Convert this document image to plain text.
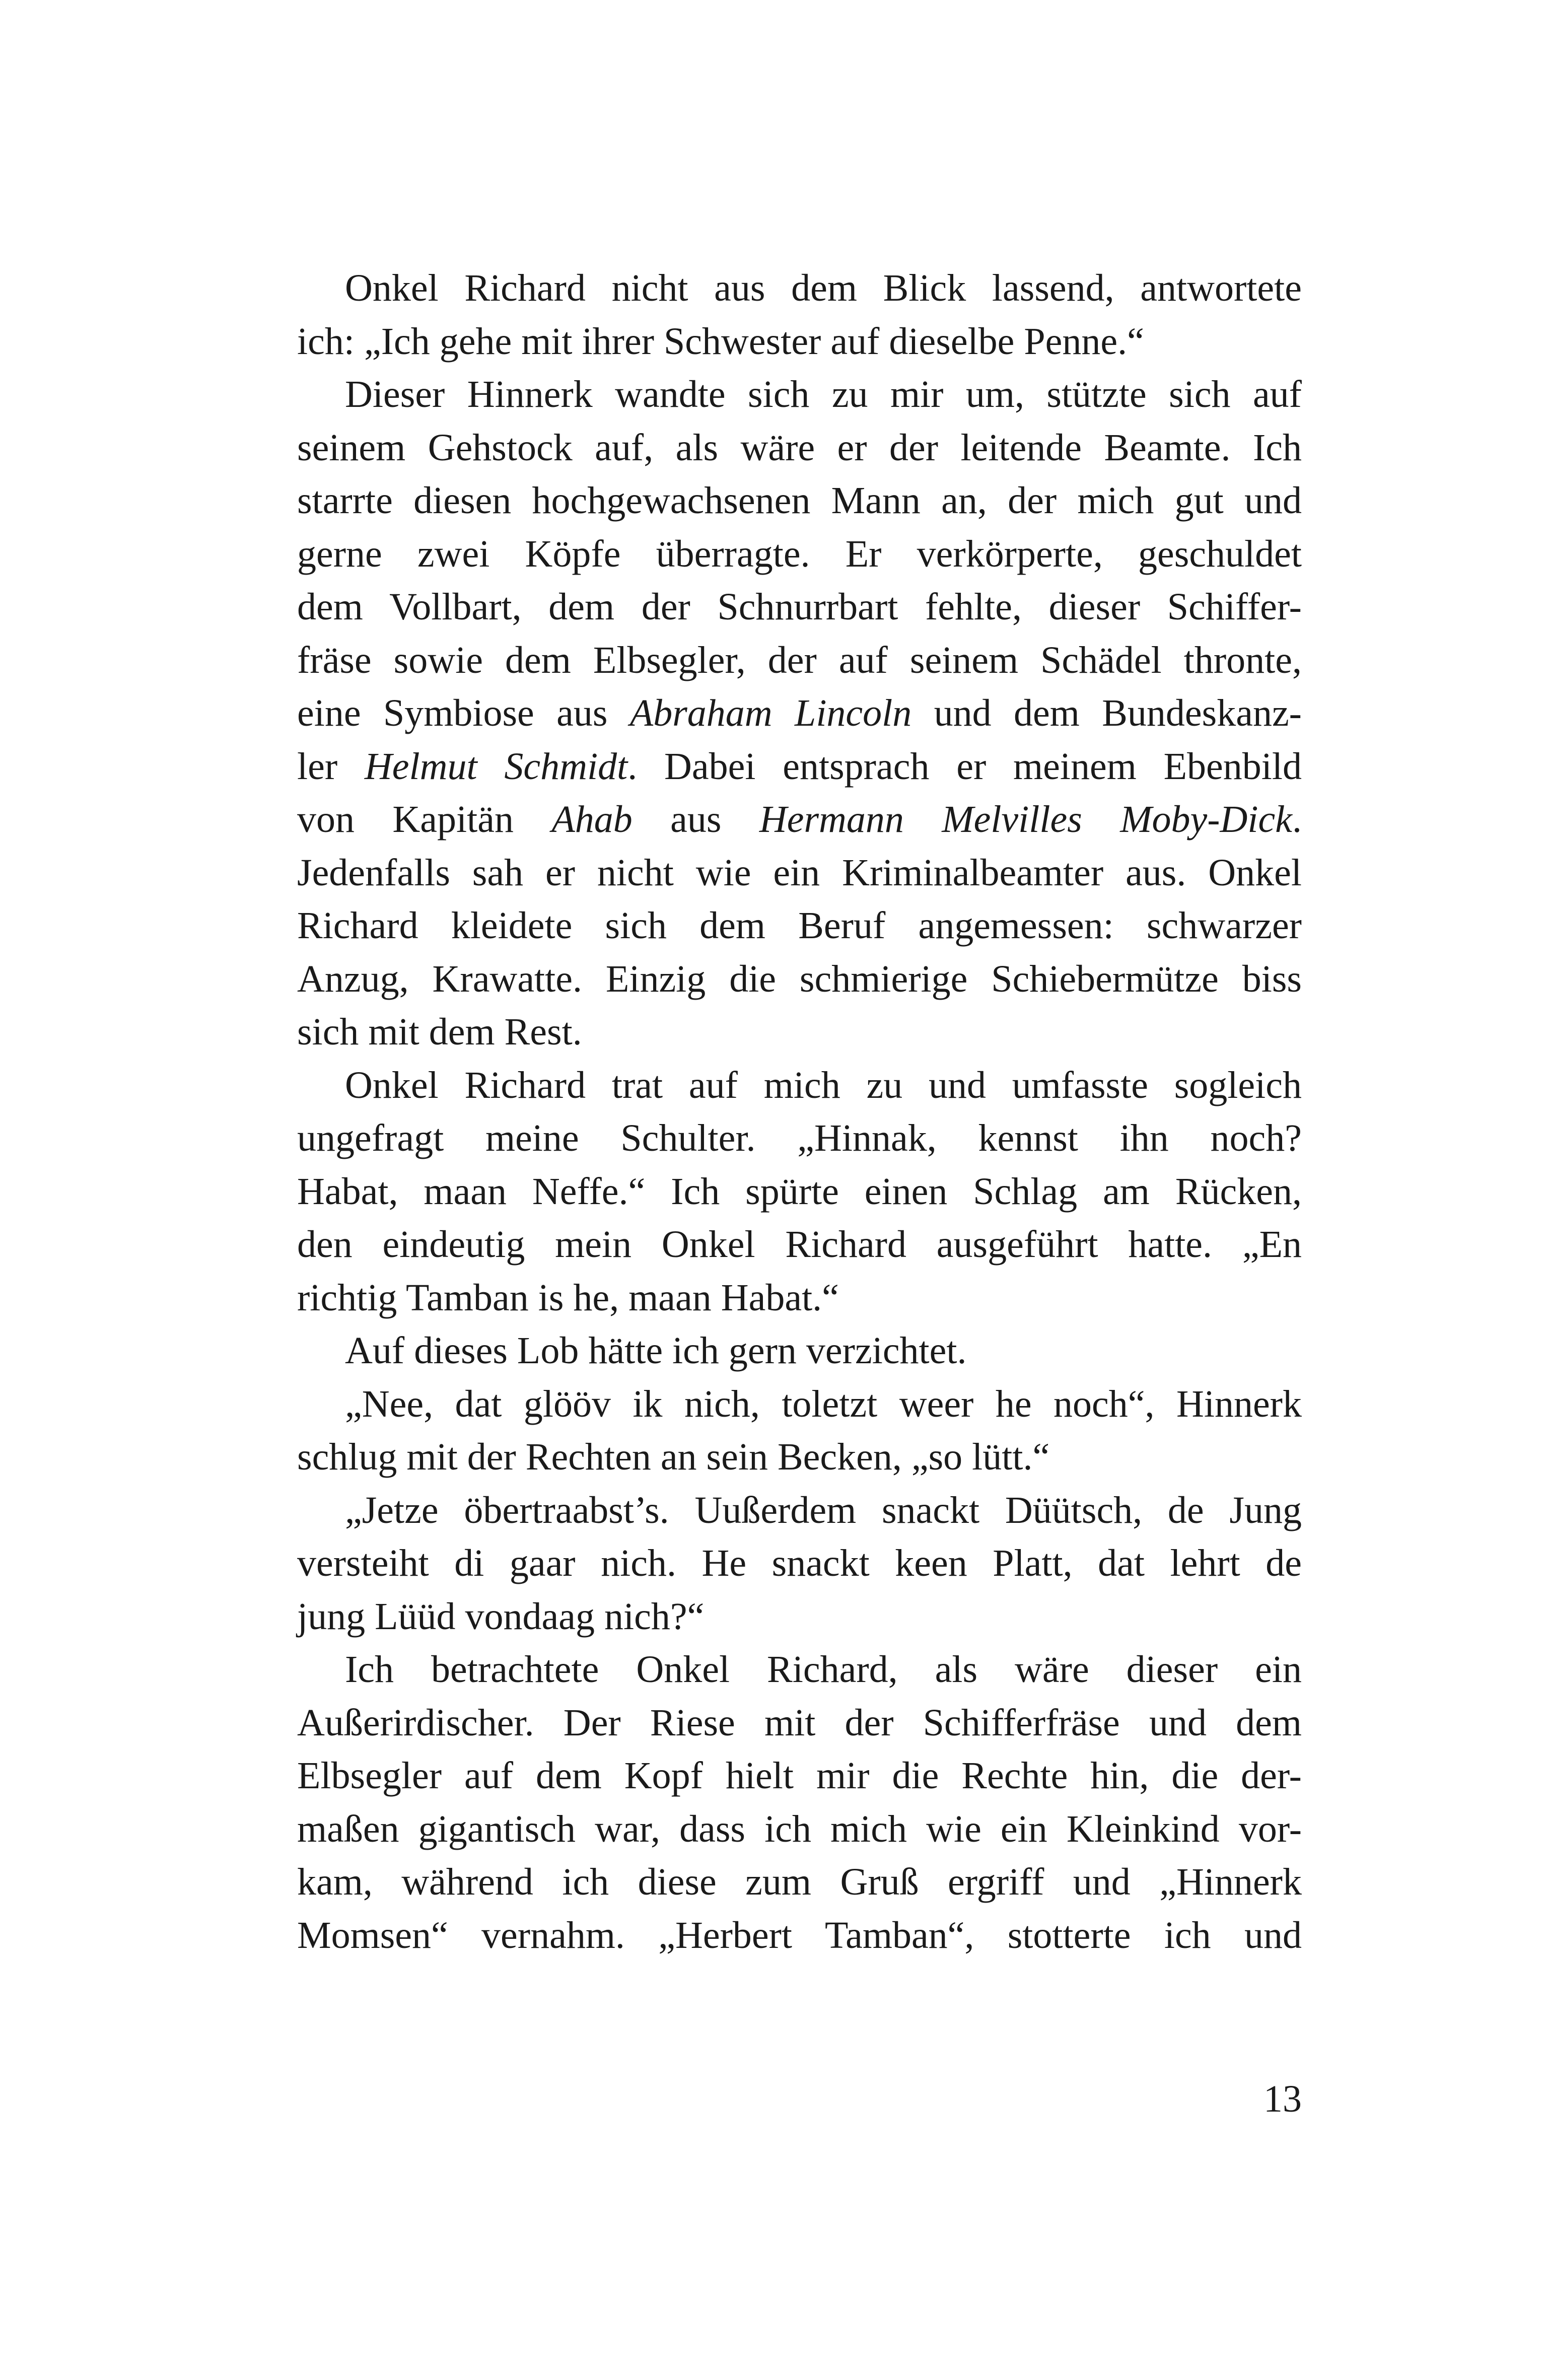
Onkel Richard nicht aus dem Blick lassend, antwortete
ich: „Ich gehe mit ihrer Schwester auf dieselbe Penne.“
Dieser Hinnerk wandte sich zu mir um, stützte sich auf
seinem Gehstock auf, als wäre er der leitende Beamte. Ich
starrte diesen hochgewachsenen Mann an, der mich gut und
gerne zwei Köpfe überragte. Er verkörperte, geschuldet
dem Vollbart, dem der Schnurrbart fehlte, dieser Schiffer-
fräse sowie dem Elbsegler, der auf seinem Schädel thronte,
eine Symbiose aus Abraham Lincoln und dem Bundeskanz-
ler Helmut Schmidt. Dabei entsprach er meinem Ebenbild
von Kapitän Ahab aus Hermann Melvilles Moby-Dick.
Jedenfalls sah er nicht wie ein Kriminalbeamter aus. Onkel
Richard kleidete sich dem Beruf angemessen: schwarzer
Anzug, Krawatte. Einzig die schmierige Schiebermütze biss
sich mit dem Rest.
Onkel Richard trat auf mich zu und umfasste sogleich
ungefragt meine Schulter. „Hinnak, kennst ihn noch?
Habat, maan Neffe.“ Ich spürte einen Schlag am Rücken,
den eindeutig mein Onkel Richard ausgeführt hatte. „En
richtig Tamban is he, maan Habat.“
Auf dieses Lob hätte ich gern verzichtet.
„Nee, dat glööv ik nich, toletzt weer he noch“, Hinnerk
schlug mit der Rechten an sein Becken, „so lütt.“
„Jetze öbertraabst’s. Uußerdem snackt Düütsch, de Jung
versteiht di gaar nich. He snackt keen Platt, dat lehrt de
jung Lüüd vondaag nich?“
Ich betrachtete Onkel Richard, als wäre dieser ein
Außerirdischer. Der Riese mit der Schifferfräse und dem
Elbsegler auf dem Kopf hielt mir die Rechte hin, die der-
maßen gigantisch war, dass ich mich wie ein Kleinkind vor-
kam, während ich diese zum Gruß ergriff und „Hinnerk
Momsen“ vernahm. „Herbert Tamban“, stotterte ich und
13
